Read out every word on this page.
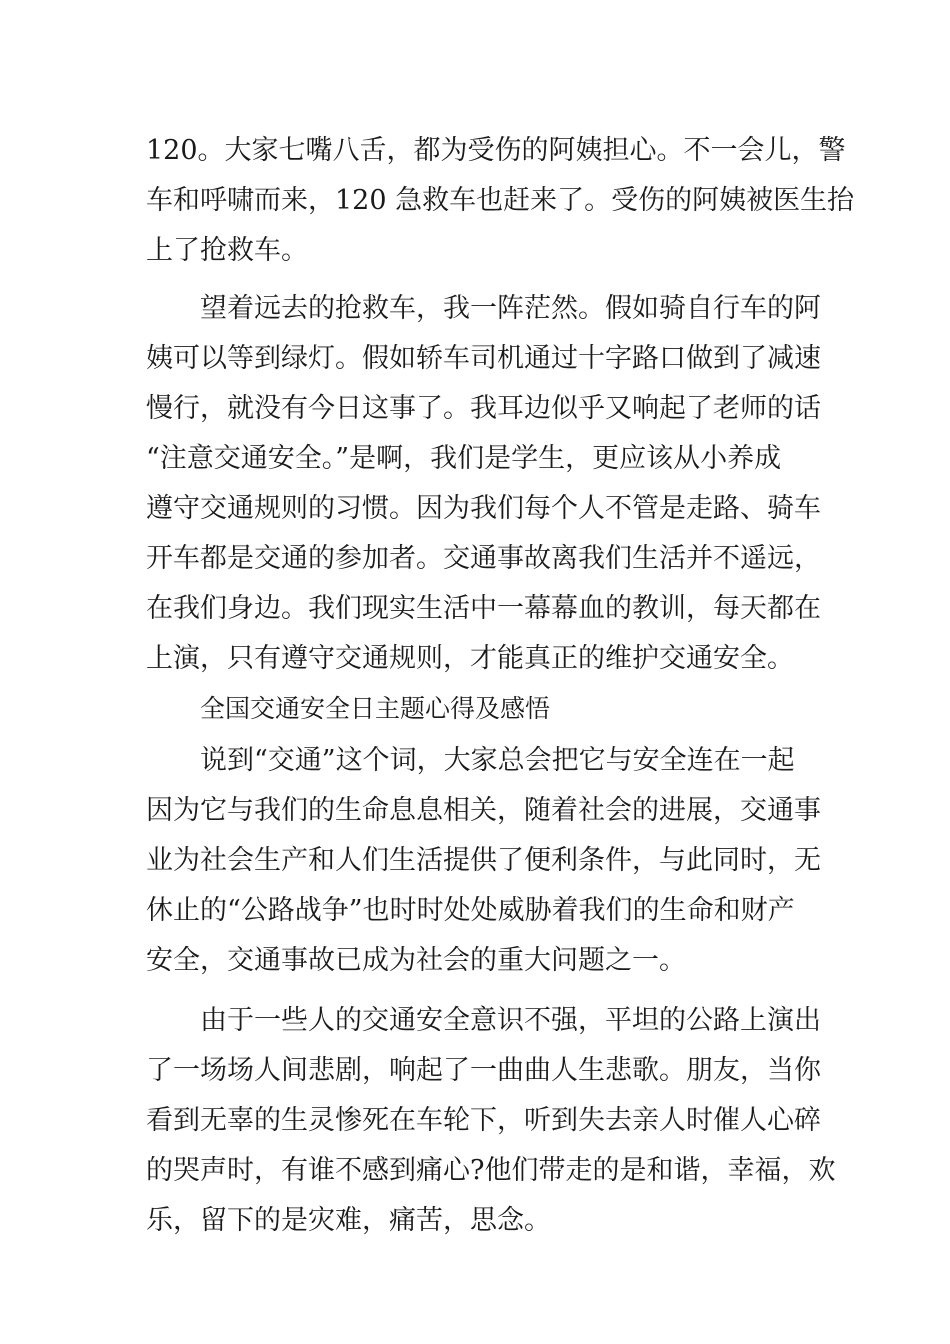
120。大家七嘴八舌，都为受伤的阿姨担心。不一会儿，警

车和呼啸而来，120 急救车也赶来了。受伤的阿姨被医生抬

上了抢救车。

望着远去的抢救车，我一阵茫然。假如骑自行车的阿

姨可以等到绿灯。假如轿车司机通过十字路口做到了减速

慢行，就没有今日这事了。我耳边似乎又响起了老师的话

“注意交通安全。”是啊，我们是学生，更应该从小养成

遵守交通规则的习惯。因为我们每个人不管是走路、骑车

开车都是交通的参加者。交通事故离我们生活并不遥远，

在我们身边。我们现实生活中一幕幕血的教训，每天都在

上演，只有遵守交通规则，才能真正的维护交通安全。

全国交通安全日主题心得及感悟

说到“交通”这个词，大家总会把它与安全连在一起

因为它与我们的生命息息相关，随着社会的进展，交通事

业为社会生产和人们生活提供了便利条件，与此同时，无

休止的“公路战争”也时时处处威胁着我们的生命和财产

安全，交通事故已成为社会的重大问题之一。

由于一些人的交通安全意识不强，平坦的公路上演出

了一场场人间悲剧，响起了一曲曲人生悲歌。朋友，当你

看到无辜的生灵惨死在车轮下，听到失去亲人时催人心碎

的哭声时，有谁不感到痛心?他们带走的是和谐，幸福，欢

乐，留下的是灾难，痛苦，思念。
